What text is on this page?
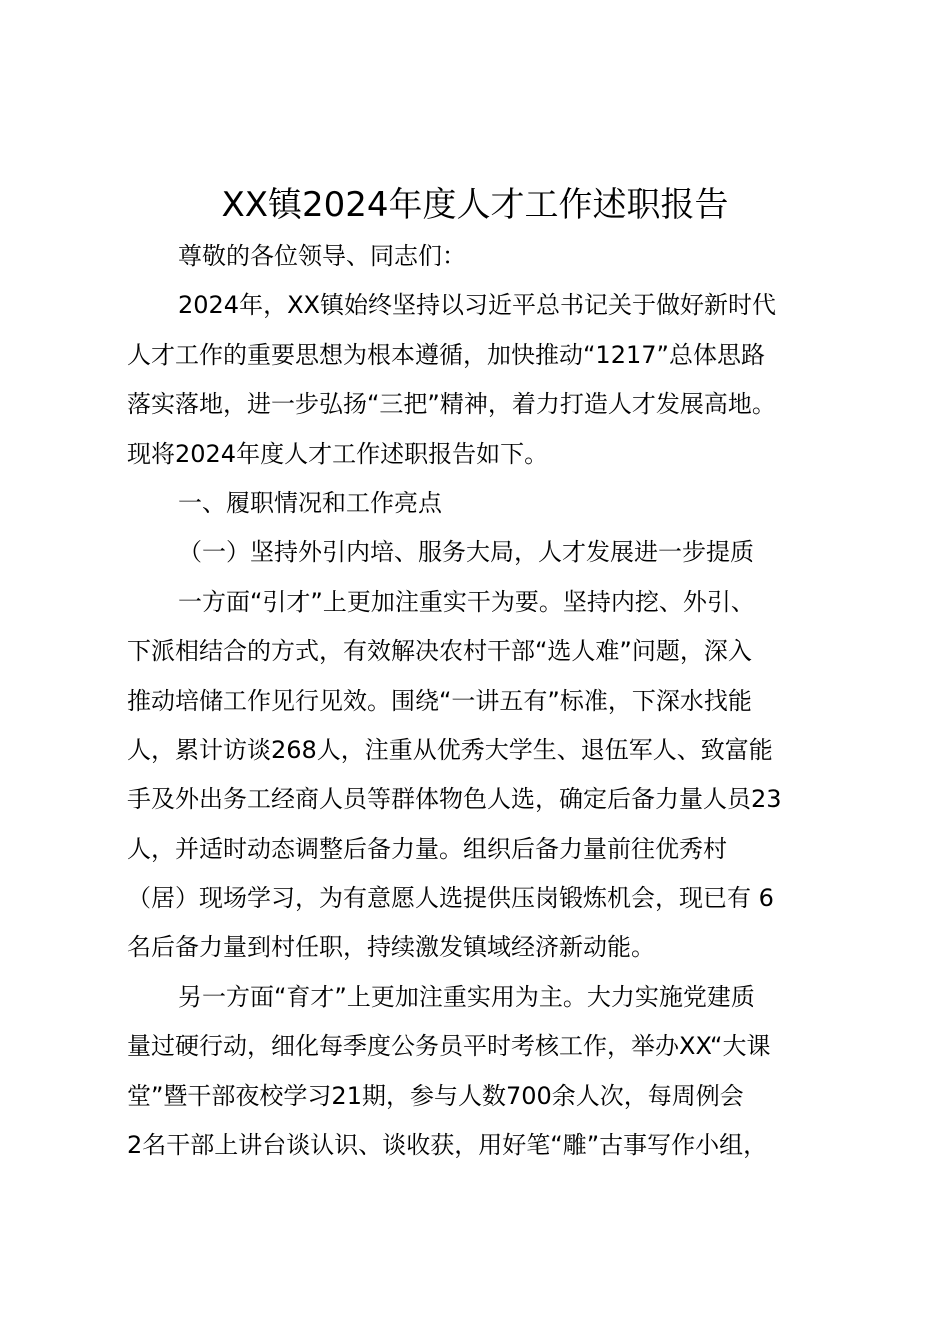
XX镇2024年度人才工作述职报告
尊敬的各位领导、同志们：
2024年，XX镇始终坚持以习近平总书记关于做好新时代
人才工作的重要思想为根本遵循，加快推动“1217”总体思路
落实落地，进一步弘扬“三把”精神，着力打造人才发展高地。
现将2024年度人才工作述职报告如下。
一、履职情况和工作亮点
（一）坚持外引内培、服务大局，人才发展进一步提质
一方面“引才”上更加注重实干为要。坚持内挖、外引、
下派相结合的方式，有效解决农村干部“选人难”问题，深入
推动培储工作见行见效。围绕“一讲五有”标准，下深水找能
人，累计访谈268人，注重从优秀大学生、退伍军人、致富能
手及外出务工经商人员等群体物色人选，确定后备力量人员23
人，并适时动态调整后备力量。组织后备力量前往优秀村
（居）现场学习，为有意愿人选提供压岗锻炼机会，现已有 6
名后备力量到村任职，持续激发镇域经济新动能。
另一方面“育才”上更加注重实用为主。大力实施党建质
量过硬行动，细化每季度公务员平时考核工作，举办XX“大课
堂”暨干部夜校学习21期，参与人数700余人次，每周例会
2名干部上讲台谈认识、谈收获，用好笔“雕”古事写作小组，
